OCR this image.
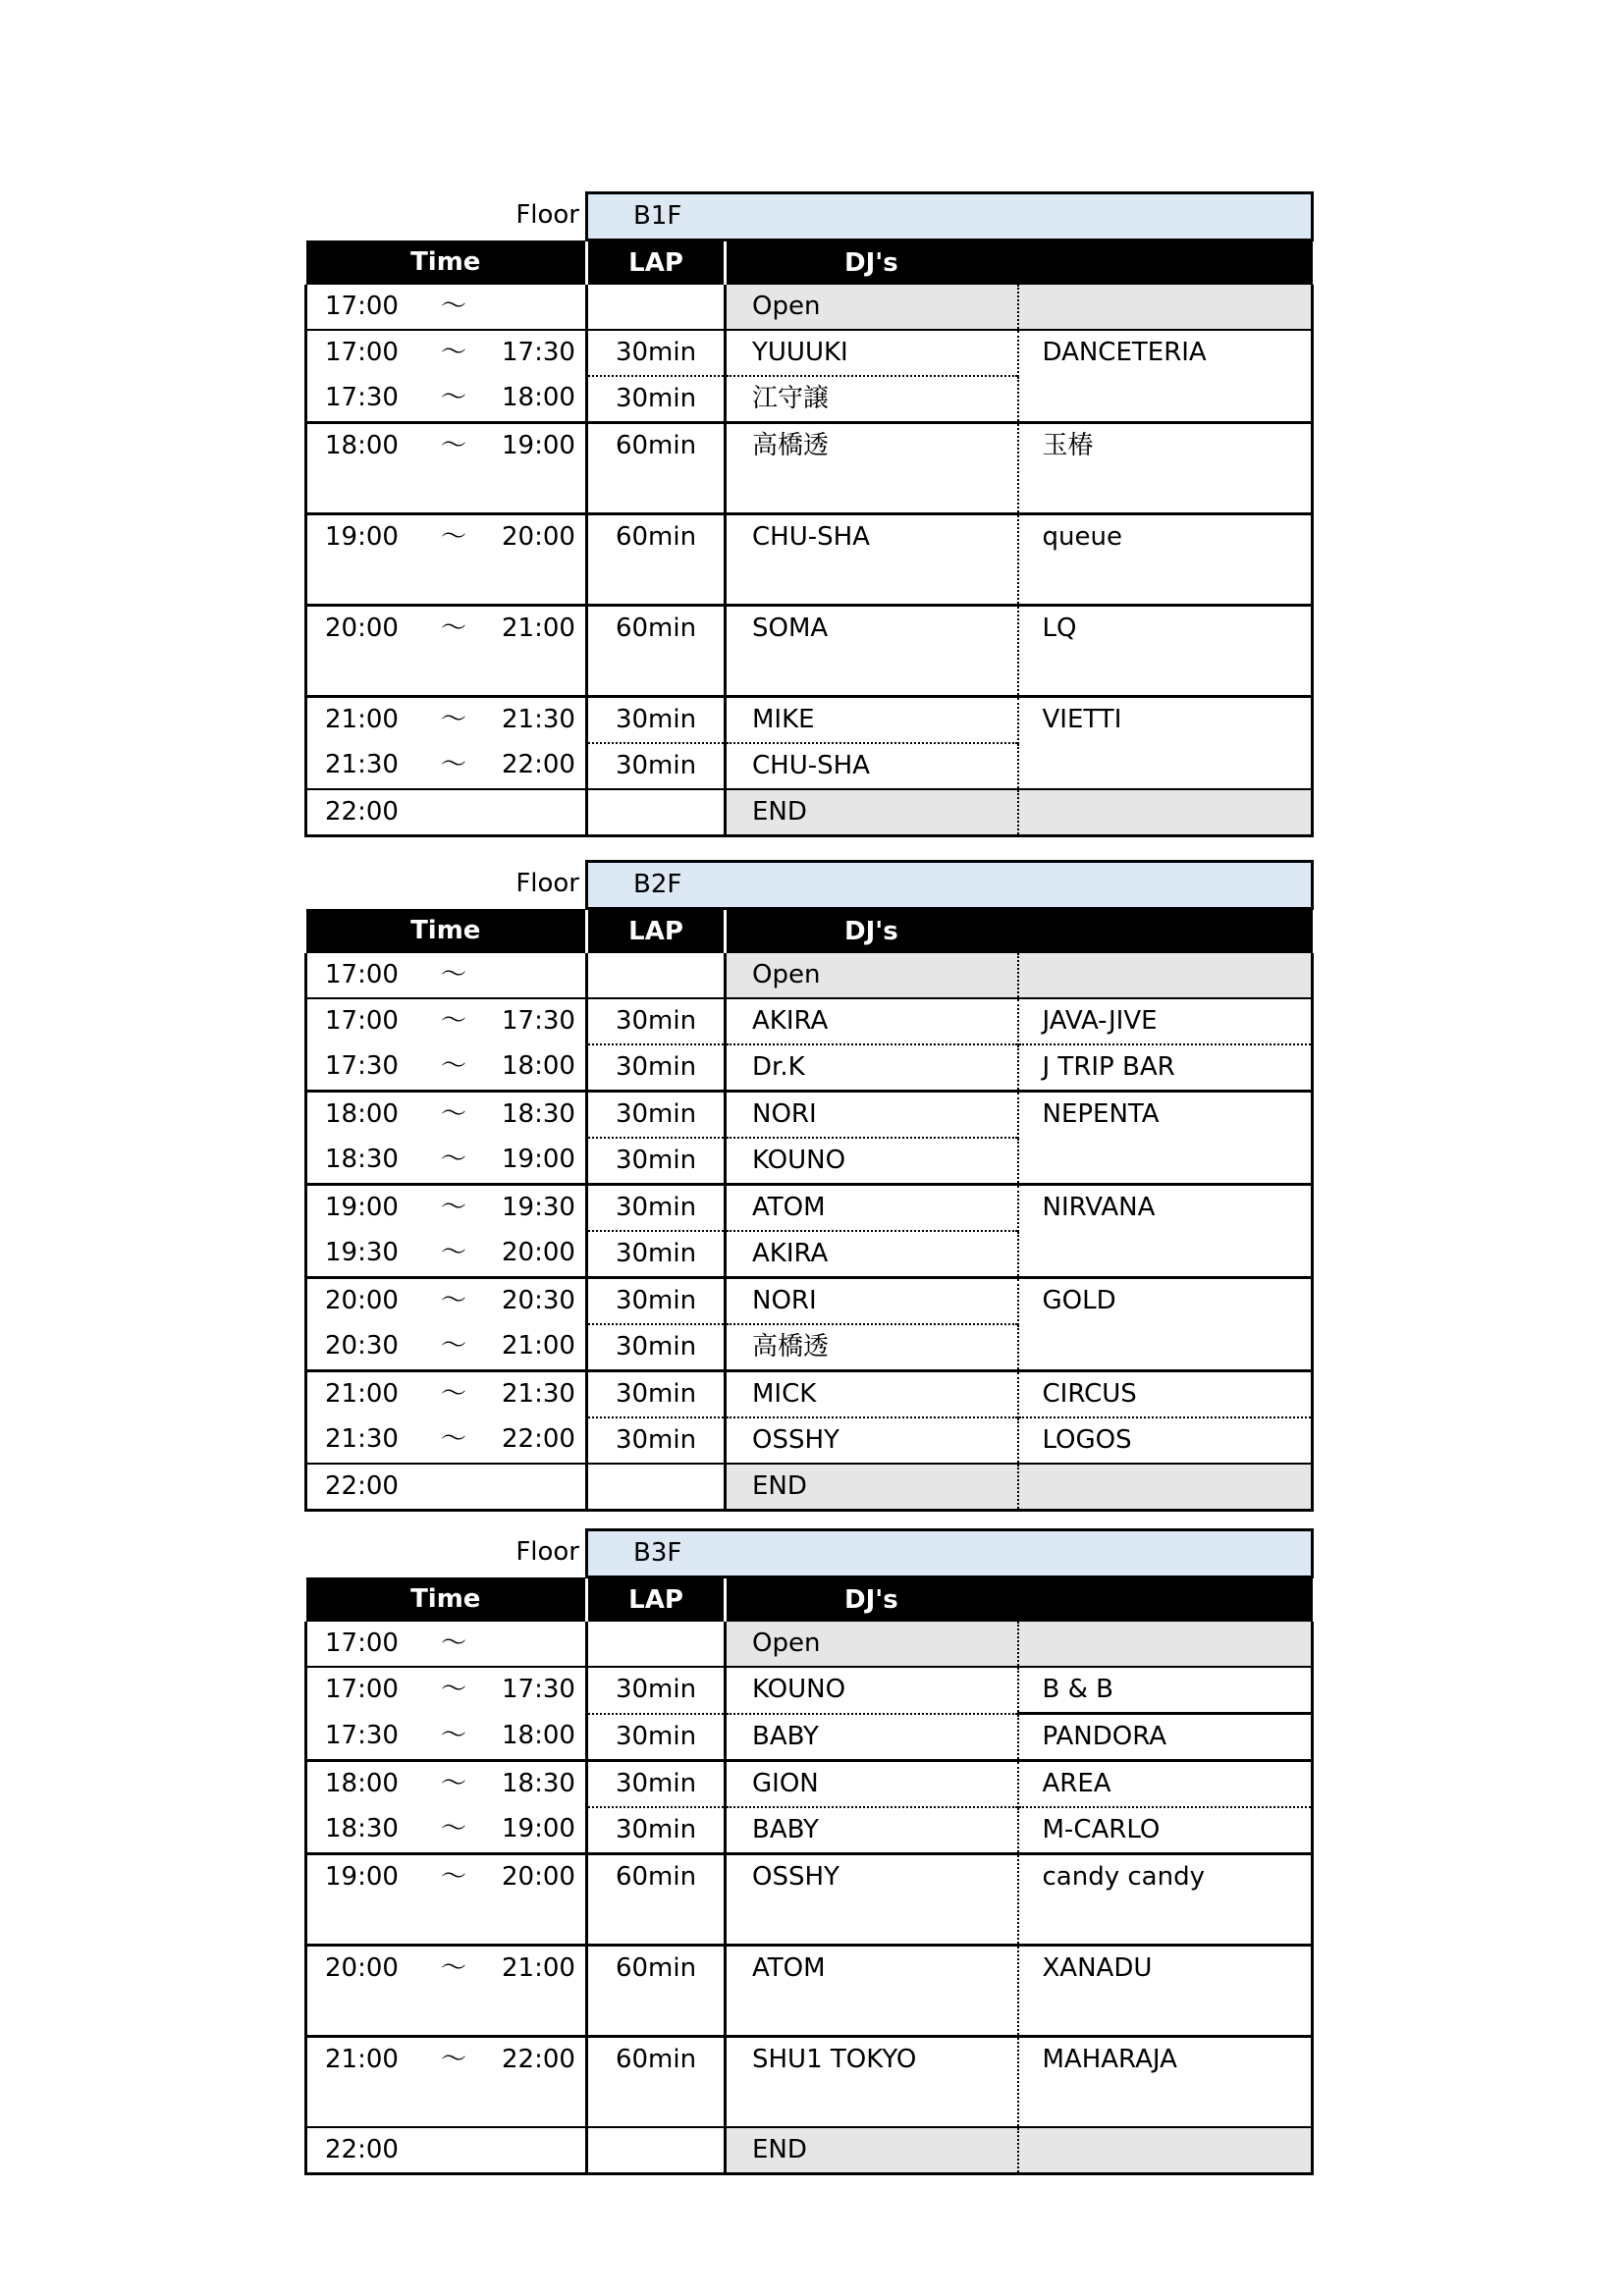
Floor	B1F		
Time	LAP	DJ's	

17:00 ～		Open	

17:00 ～ 17:30	30min	YUUUKI	DANCETERIA

17:30 ～ 18:00	30min	江守譲	

18:00 ～ 19:00	60min	高橋透	玉椿

19:00 ～ 20:00	60min	CHU-SHA	queue

20:00 ～ 21:00	60min	SOMA	LQ

21:00 ～ 21:30	30min	MIKE	VIETTI

21:30 ～ 22:00	30min	CHU-SHA	

22:00		END	
Floor	B2F		
Time	LAP	DJ's	

17:00 ～		Open	

17:00 ～ 17:30	30min	AKIRA	JAVA-JIVE

17:30 ～ 18:00	30min	Dr.K	J TRIP BAR

18:00 ～ 18:30	30min	NORI	NEPENTA

18:30 ～ 19:00	30min	KOUNO	

19:00 ～ 19:30	30min	ATOM	NIRVANA

19:30 ～ 20:00	30min	AKIRA	

20:00 ～ 20:30	30min	NORI	GOLD

20:30 ～ 21:00	30min	高橋透	

21:00 ～ 21:30	30min	MICK	CIRCUS

21:30 ～ 22:00	30min	OSSHY	LOGOS

22:00		END	
Floor	B3F		
Time	LAP	DJ's	

17:00 ～		Open	

17:00 ～ 17:30	30min	KOUNO	B & B

17:30 ～ 18:00	30min	BABY	PANDORA

18:00 ～ 18:30	30min	GION	AREA

18:30 ～ 19:00	30min	BABY	M-CARLO

19:00 ～ 20:00	60min	OSSHY	candy candy

20:00 ～ 21:00	60min	ATOM	XANADU

21:00 ～ 22:00	60min	SHU1 TOKYO	MAHARAJA

22:00		END	
